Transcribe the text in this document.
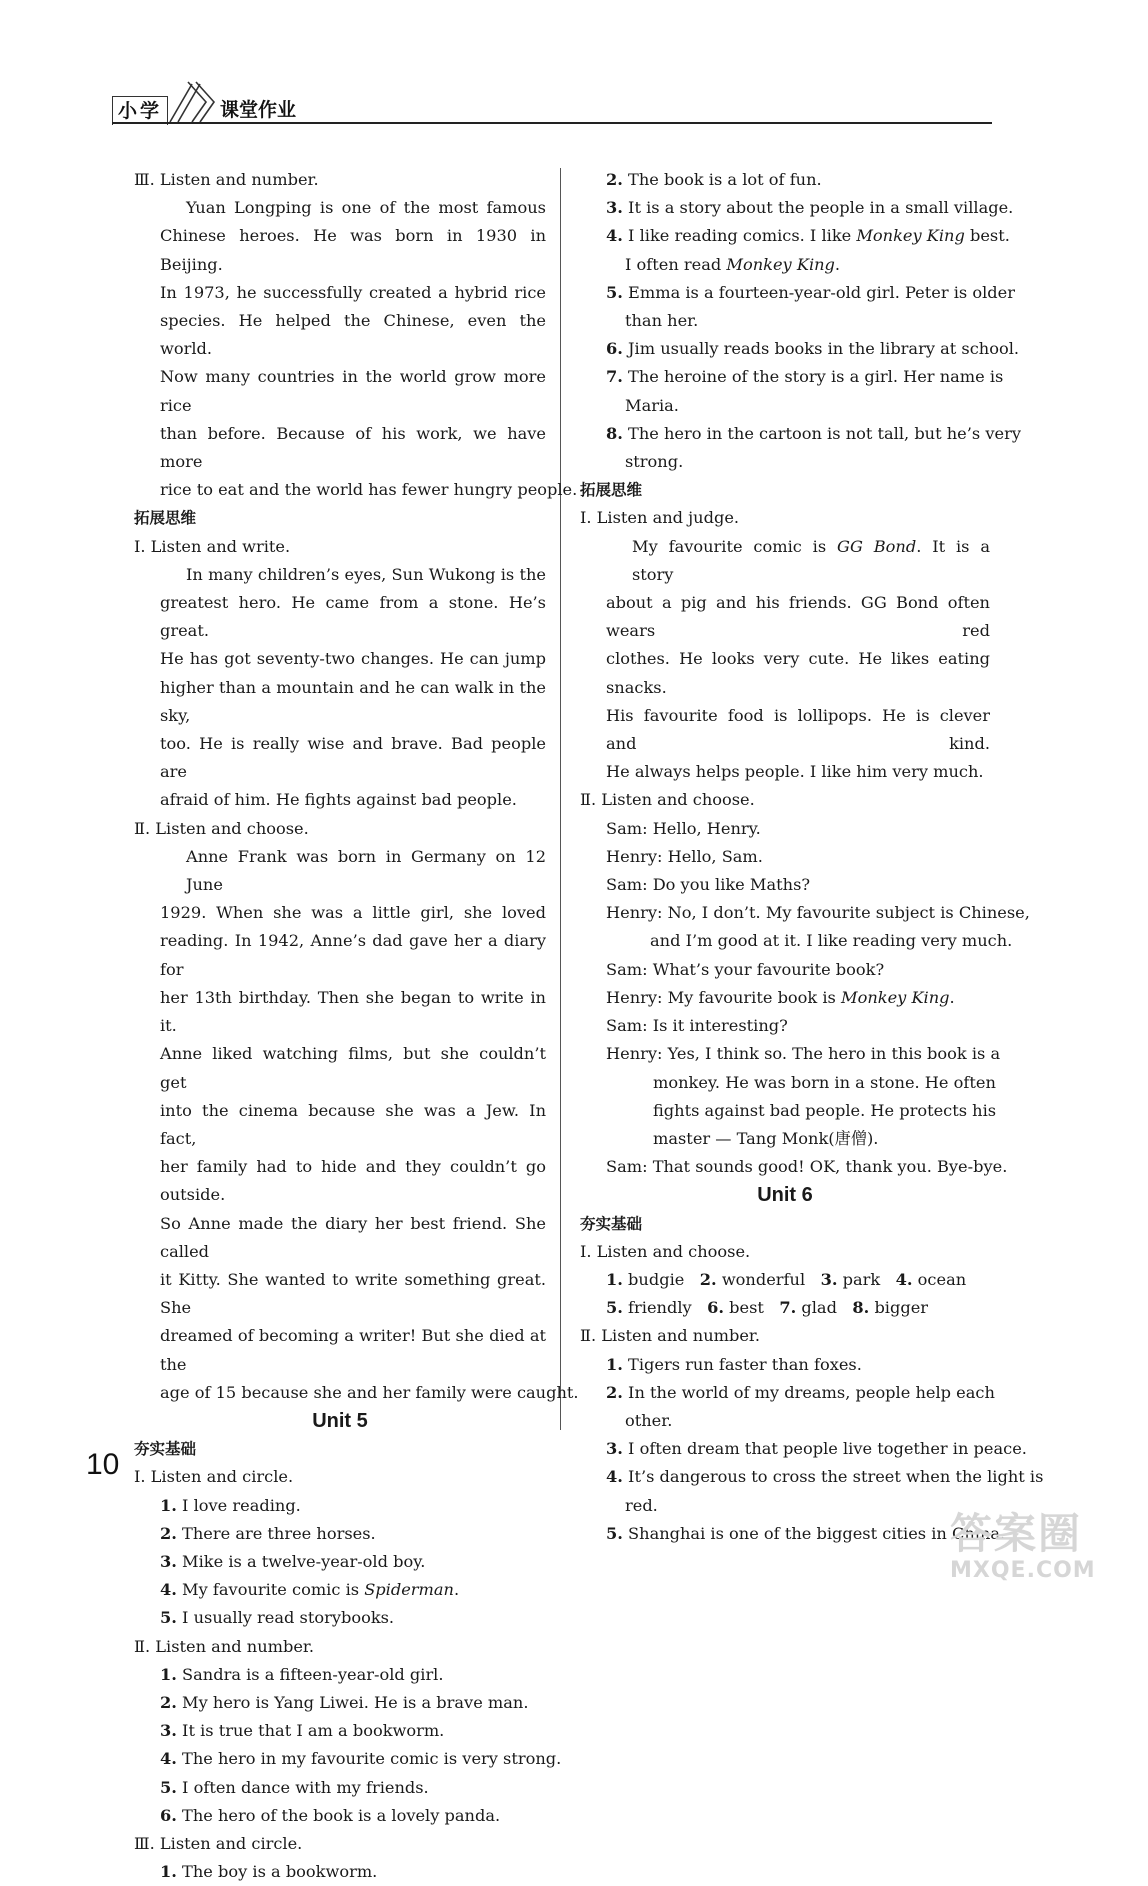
小学	课堂作业
Ⅲ. Listen and number.
Yuan Longping is one of the most famous
Chinese heroes. He was born in 1930 in Beijing.
In 1973, he successfully created a hybrid rice
species. He helped the Chinese, even the world.
Now many countries in the world grow more rice
than before. Because of his work, we have more
rice to eat and the world has fewer hungry people.
拓展思维
Ⅰ. Listen and write.
In many children’s eyes, Sun Wukong is the
greatest hero. He came from a stone. He’s great.
He has got seventy-two changes. He can jump
higher than a mountain and he can walk in the sky,
too. He is really wise and brave. Bad people are
afraid of him. He fights against bad people.
Ⅱ. Listen and choose.
Anne Frank was born in Germany on 12 June
1929. When she was a little girl, she loved
reading. In 1942, Anne’s dad gave her a diary for
her 13th birthday. Then she began to write in it.
Anne liked watching films, but she couldn’t get
into the cinema because she was a Jew. In fact,
her family had to hide and they couldn’t go outside.
So Anne made the diary her best friend. She called
it Kitty. She wanted to write something great. She
dreamed of becoming a writer! But she died at the
age of 15 because she and her family were caught.
Unit 5
夯实基础
Ⅰ. Listen and circle.
1. I love reading.
2. There are three horses.
3. Mike is a twelve-year-old boy.
4. My favourite comic is Spiderman.
5. I usually read storybooks.
Ⅱ. Listen and number.
1. Sandra is a fifteen-year-old girl.
2. My hero is Yang Liwei. He is a brave man.
3. It is true that I am a bookworm.
4. The hero in my favourite comic is very strong.
5. I often dance with my friends.
6. The hero of the book is a lovely panda.
Ⅲ. Listen and circle.
1. The boy is a bookworm.
2. The book is a lot of fun.
3. It is a story about the people in a small village.
4. I like reading comics. I like Monkey King best.
I often read Monkey King.
5. Emma is a fourteen-year-old girl. Peter is older
than her.
6. Jim usually reads books in the library at school.
7. The heroine of the story is a girl. Her name is
Maria.
8. The hero in the cartoon is not tall, but he’s very
strong.
拓展思维
Ⅰ. Listen and judge.
My favourite comic is GG Bond. It is a story
about a pig and his friends. GG Bond often wears red
clothes. He looks very cute. He likes eating snacks.
His favourite food is lollipops. He is clever and kind.
He always helps people. I like him very much.
Ⅱ. Listen and choose.
Sam: Hello, Henry.
Henry: Hello, Sam.
Sam: Do you like Maths?
Henry: No, I don’t. My favourite subject is Chinese,
and I’m good at it. I like reading very much.
Sam: What’s your favourite book?
Henry: My favourite book is Monkey King.
Sam: Is it interesting?
Henry: Yes, I think so. The hero in this book is a
monkey. He was born in a stone. He often
fights against bad people. He protects his
master — Tang Monk(唐僧).
Sam: That sounds good! OK, thank you. Bye-bye.
Unit 6
夯实基础
Ⅰ. Listen and choose.
1. budgie 2. wonderful 3. park 4. ocean
5. friendly 6. best 7. glad 8. bigger
Ⅱ. Listen and number.
1. Tigers run faster than foxes.
2. In the world of my dreams, people help each
other.
3. I often dream that people live together in peace.
4. It’s dangerous to cross the street when the light is
red.
5. Shanghai is one of the biggest cities in China.
10
答案圈
MXQE.COM
